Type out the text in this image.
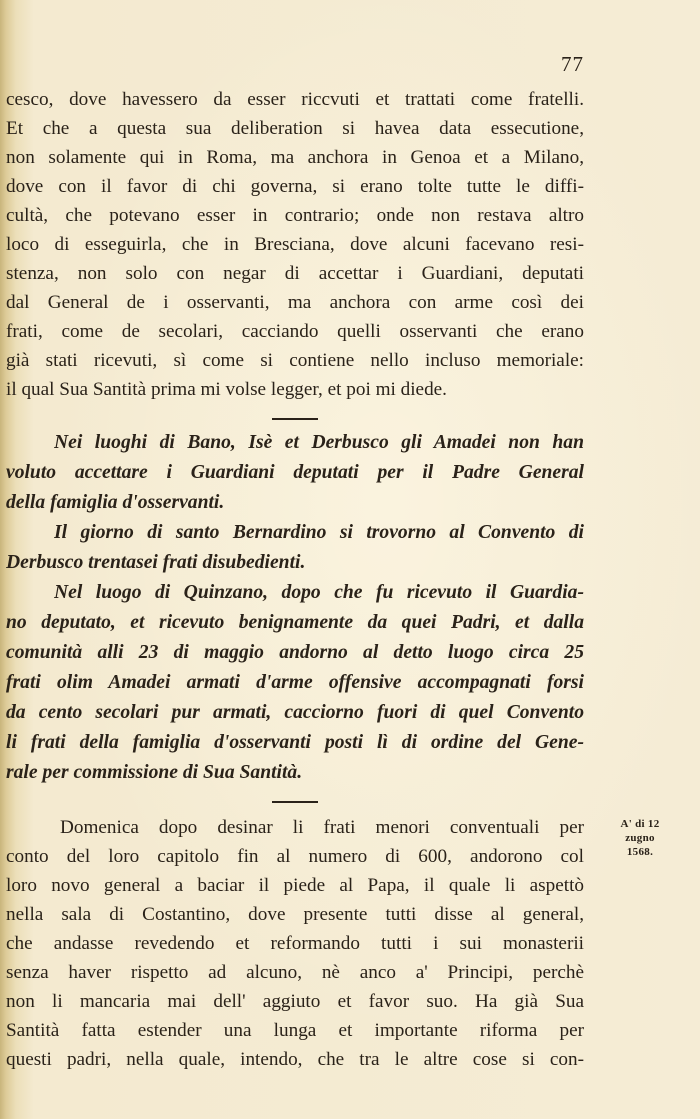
77
cesco, dove havessero da esser riccvuti et trattati come fratelli.
Et che a questa sua deliberation si havea data essecutione,
non solamente qui in Roma, ma anchora in Genoa et a Milano,
dove con il favor di chi governa, si erano tolte tutte le diffi-
cultà, che potevano esser in contrario; onde non restava altro
loco di esseguirla, che in Bresciana, dove alcuni facevano resi-
stenza, non solo con negar di accettar i Guardiani, deputati
dal General de i osservanti, ma anchora con arme così dei
frati, come de secolari, cacciando quelli osservanti che erano
già stati ricevuti, sì come si contiene nello incluso memoriale:
il qual Sua Santità prima mi volse legger, et poi mi diede.
Nei luoghi di Bano, Isè et Derbusco gli Amadei non han
voluto accettare i Guardiani deputati per il Padre General
della famiglia d'osservanti.
Il giorno di santo Bernardino si trovorno al Convento di
Derbusco trentasei frati disubedienti.
Nel luogo di Quinzano, dopo che fu ricevuto il Guardia-
no deputato, et ricevuto benignamente da quei Padri, et dalla
comunità alli 23 di maggio andorno al detto luogo circa 25
frati olim Amadei armati d'arme offensive accompagnati forsi
da cento secolari pur armati, cacciorno fuori di quel Convento
li frati della famiglia d'osservanti posti lì di ordine del Gene-
rale per commissione di Sua Santità.
Domenica dopo desinar li frati menori conventuali per
conto del loro capitolo fin al numero di 600, andorono col
loro novo general a baciar il piede al Papa, il quale li aspettò
nella sala di Costantino, dove presente tutti disse al general,
che andasse revedendo et reformando tutti i sui monasterii
senza haver rispetto ad alcuno, nè anco a' Principi, perchè
non li mancaria mai dell' aggiuto et favor suo. Ha già Sua
Santità fatta estender una lunga et importante riforma per
questi padri, nella quale, intendo, che tra le altre cose si con-
A' di 12
zugno
1568.
